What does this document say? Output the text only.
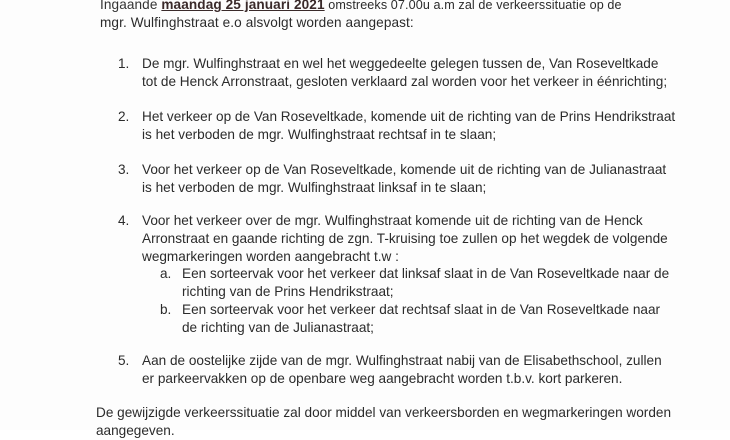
Ingaande maandag 25 januari 2021 omstreeks 07.00u a.m zal de verkeerssituatie op de
mgr. Wulfinghstraat e.o alsvolgt worden aangepast:
1. De mgr. Wulfinghstraat en wel het weggedeelte gelegen tussen de, Van Roseveltkade
tot de Henck Arronstraat, gesloten verklaard zal worden voor het verkeer in éénrichting;
2. Het verkeer op de Van Roseveltkade, komende uit de richting van de Prins Hendrikstraat
is het verboden de mgr. Wulfinghstraat rechtsaf in te slaan;
3. Voor het verkeer op de Van Roseveltkade, komende uit de richting van de Julianastraat
is het verboden de mgr. Wulfinghstraat linksaf in te slaan;
4. Voor het verkeer over de mgr. Wulfinghstraat komende uit de richting van de Henck
Arronstraat en gaande richting de zgn. T-kruising toe zullen op het wegdek de volgende
wegmarkeringen worden aangebracht t.w :
a. Een sorteervak voor het verkeer dat linksaf slaat in de Van Roseveltkade naar de
richting van de Prins Hendrikstraat;
b. Een sorteervak voor het verkeer dat rechtsaf slaat in de Van Roseveltkade naar
de richting van de Julianastraat;
5. Aan de oostelijke zijde van de mgr. Wulfinghstraat nabij van de Elisabethschool, zullen
er parkeervakken op de openbare weg aangebracht worden t.b.v. kort parkeren.
De gewijzigde verkeerssituatie zal door middel van verkeersborden en wegmarkeringen worden
aangegeven.
